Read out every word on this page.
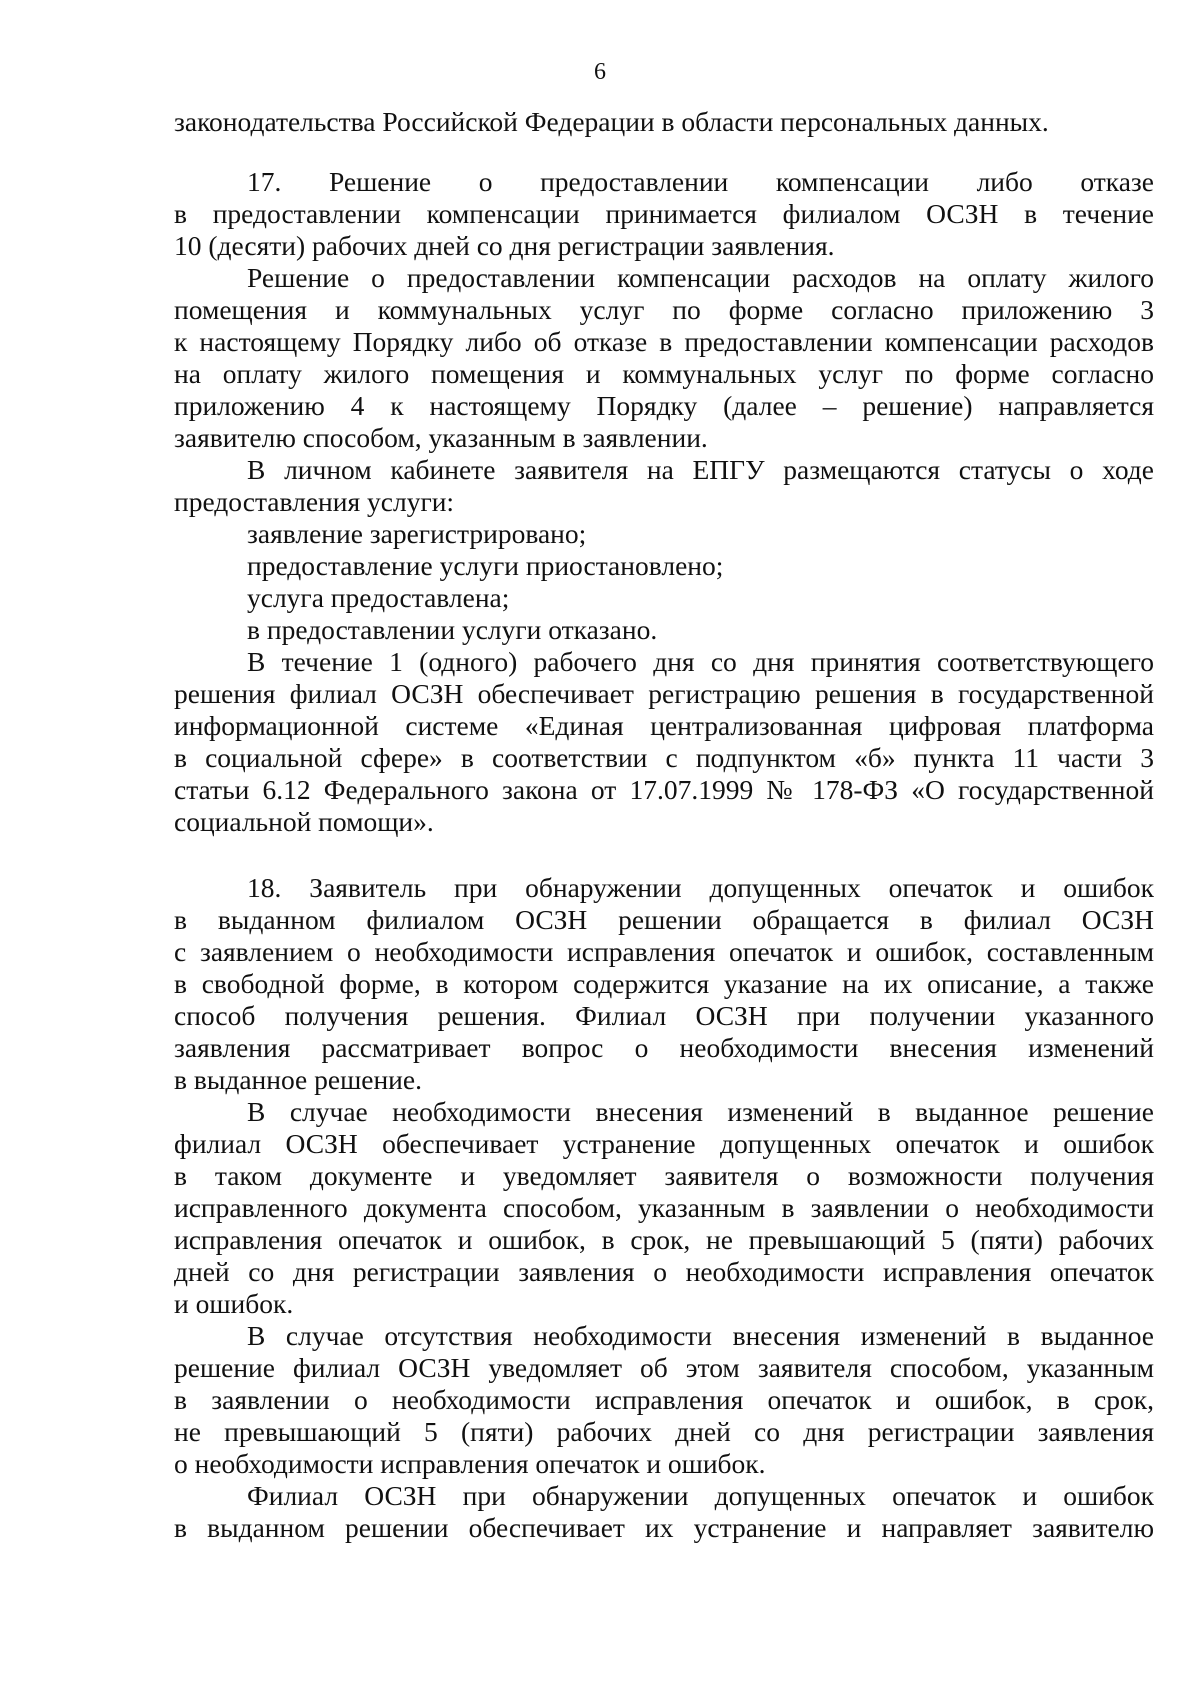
6
законодательства Российской Федерации в области персональных данных.
17. Решение о предоставлении компенсации либо отказе
в предоставлении компенсации принимается филиалом ОСЗН в течение
10 (десяти) рабочих дней со дня регистрации заявления.
Решение о предоставлении компенсации расходов на оплату жилого
помещения и коммунальных услуг по форме согласно приложению 3
к настоящему Порядку либо об отказе в предоставлении компенсации расходов
на оплату жилого помещения и коммунальных услуг по форме согласно
приложению 4 к настоящему Порядку (далее – решение) направляется
заявителю способом, указанным в заявлении.
В личном кабинете заявителя на ЕПГУ размещаются статусы о ходе
предоставления услуги:
заявление зарегистрировано;
предоставление услуги приостановлено;
услуга предоставлена;
в предоставлении услуги отказано.
В течение 1 (одного) рабочего дня со дня принятия соответствующего
решения филиал ОСЗН обеспечивает регистрацию решения в государственной
информационной системе «Единая централизованная цифровая платформа
в социальной сфере» в соответствии с подпунктом «б» пункта 11 части 3
статьи 6.12 Федерального закона от 17.07.1999 № 178-ФЗ «О государственной
социальной помощи».
18. Заявитель при обнаружении допущенных опечаток и ошибок
в выданном филиалом ОСЗН решении обращается в филиал ОСЗН
с заявлением о необходимости исправления опечаток и ошибок, составленным
в свободной форме, в котором содержится указание на их описание, а также
способ получения решения. Филиал ОСЗН при получении указанного
заявления рассматривает вопрос о необходимости внесения изменений
в выданное решение.
В случае необходимости внесения изменений в выданное решение
филиал ОСЗН обеспечивает устранение допущенных опечаток и ошибок
в таком документе и уведомляет заявителя о возможности получения
исправленного документа способом, указанным в заявлении о необходимости
исправления опечаток и ошибок, в срок, не превышающий 5 (пяти) рабочих
дней со дня регистрации заявления о необходимости исправления опечаток
и ошибок.
В случае отсутствия необходимости внесения изменений в выданное
решение филиал ОСЗН уведомляет об этом заявителя способом, указанным
в заявлении о необходимости исправления опечаток и ошибок, в срок,
не превышающий 5 (пяти) рабочих дней со дня регистрации заявления
о необходимости исправления опечаток и ошибок.
Филиал ОСЗН при обнаружении допущенных опечаток и ошибок
в выданном решении обеспечивает их устранение и направляет заявителю
